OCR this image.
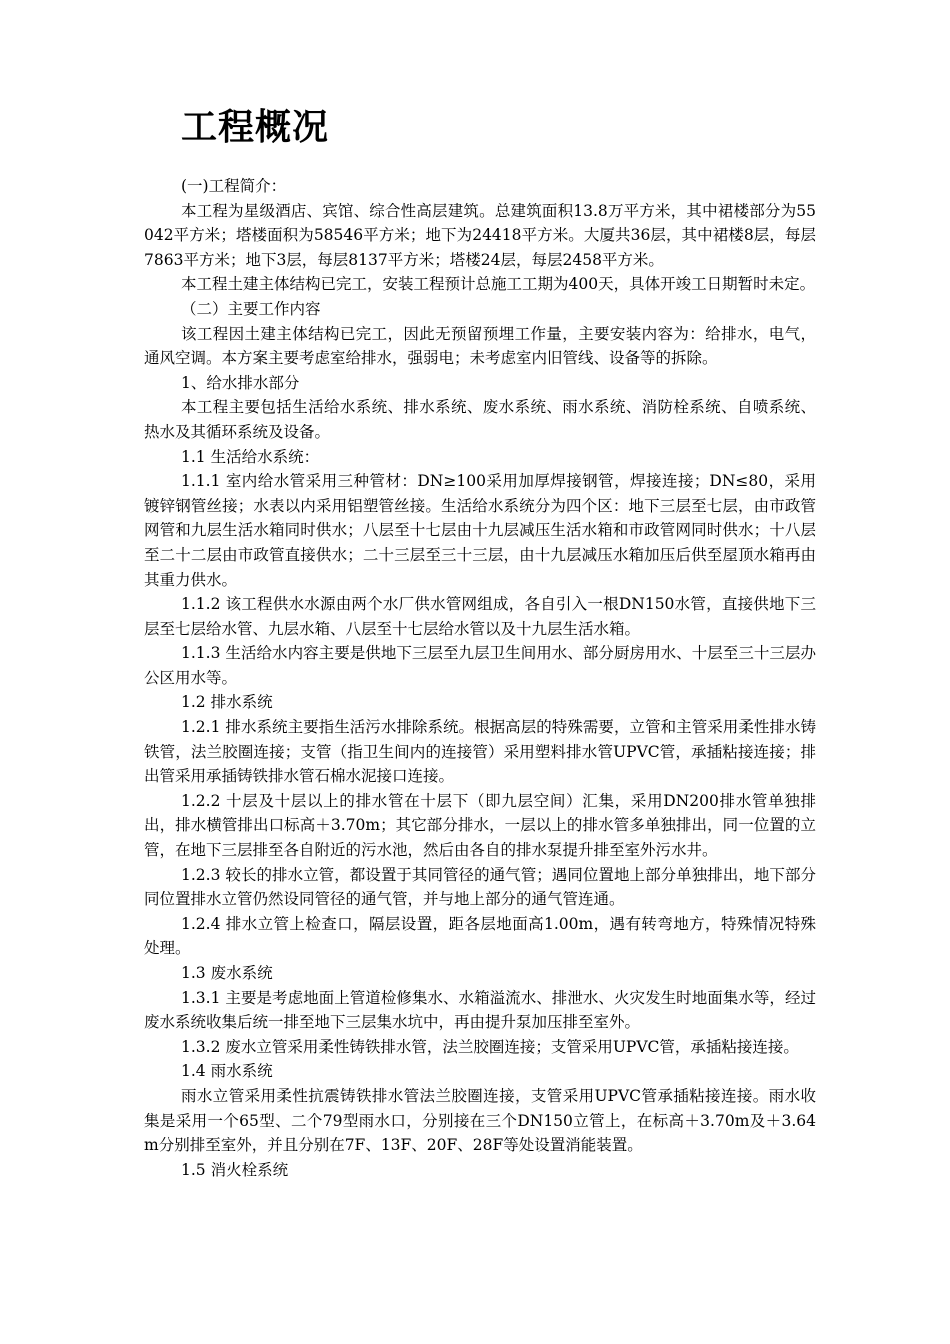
工程概况

(一)工程简介：

本工程为星级酒店、宾馆、综合性高层建筑。总建筑面积13.8万平方米，其中裙楼部分为55042平方米；塔楼面积为58546平方米；地下为24418平方米。大厦共36层，其中裙楼8层，每层7863平方米；地下3层，每层8137平方米；塔楼24层，每层2458平方米。

本工程土建主体结构已完工，安装工程预计总施工工期为400天，具体开竣工日期暂时未定。

（二）主要工作内容

该工程因土建主体结构已完工，因此无预留预埋工作量，主要安装内容为：给排水，电气，通风空调。本方案主要考虑室给排水，强弱电；未考虑室内旧管线、设备等的拆除。

1、给水排水部分

本工程主要包括生活给水系统、排水系统、废水系统、雨水系统、消防栓系统、自喷系统、热水及其循环系统及设备。

1.1 生活给水系统：

1.1.1 室内给水管采用三种管材：DN≥100采用加厚焊接钢管，焊接连接；DN≤80，采用镀锌钢管丝接；水表以内采用铝塑管丝接。生活给水系统分为四个区：地下三层至七层，由市政管网管和九层生活水箱同时供水；八层至十七层由十九层减压生活水箱和市政管网同时供水；十八层至二十二层由市政管直接供水；二十三层至三十三层，由十九层减压水箱加压后供至屋顶水箱再由其重力供水。

1.1.2 该工程供水水源由两个水厂供水管网组成，各自引入一根DN150水管，直接供地下三层至七层给水管、九层水箱、八层至十七层给水管以及十九层生活水箱。

1.1.3 生活给水内容主要是供地下三层至九层卫生间用水、部分厨房用水、十层至三十三层办公区用水等。

1.2 排水系统

1.2.1 排水系统主要指生活污水排除系统。根据高层的特殊需要，立管和主管采用柔性排水铸铁管，法兰胶圈连接；支管（指卫生间内的连接管）采用塑料排水管UPVC管，承插粘接连接；排出管采用承插铸铁排水管石棉水泥接口连接。

1.2.2 十层及十层以上的排水管在十层下（即九层空间）汇集，采用DN200排水管单独排出，排水横管排出口标高＋3.70m；其它部分排水，一层以上的排水管多单独排出，同一位置的立管，在地下三层排至各自附近的污水池，然后由各自的排水泵提升排至室外污水井。

1.2.3 较长的排水立管，都设置于其同管径的通气管；遇同位置地上部分单独排出，地下部分同位置排水立管仍然设同管径的通气管，并与地上部分的通气管连通。

1.2.4 排水立管上检查口，隔层设置，距各层地面高1.00m，遇有转弯地方，特殊情况特殊处理。

1.3 废水系统

1.3.1 主要是考虑地面上管道检修集水、水箱溢流水、排泄水、火灾发生时地面集水等，经过废水系统收集后统一排至地下三层集水坑中，再由提升泵加压排至室外。

1.3.2 废水立管采用柔性铸铁排水管，法兰胶圈连接；支管采用UPVC管，承插粘接连接。

1.4 雨水系统

雨水立管采用柔性抗震铸铁排水管法兰胶圈连接，支管采用UPVC管承插粘接连接。雨水收集是采用一个65型、二个79型雨水口，分别接在三个DN150立管上，在标高＋3.70m及＋3.64m分别排至室外，并且分别在7F、13F、20F、28F等处设置消能装置。

1.5 消火栓系统
